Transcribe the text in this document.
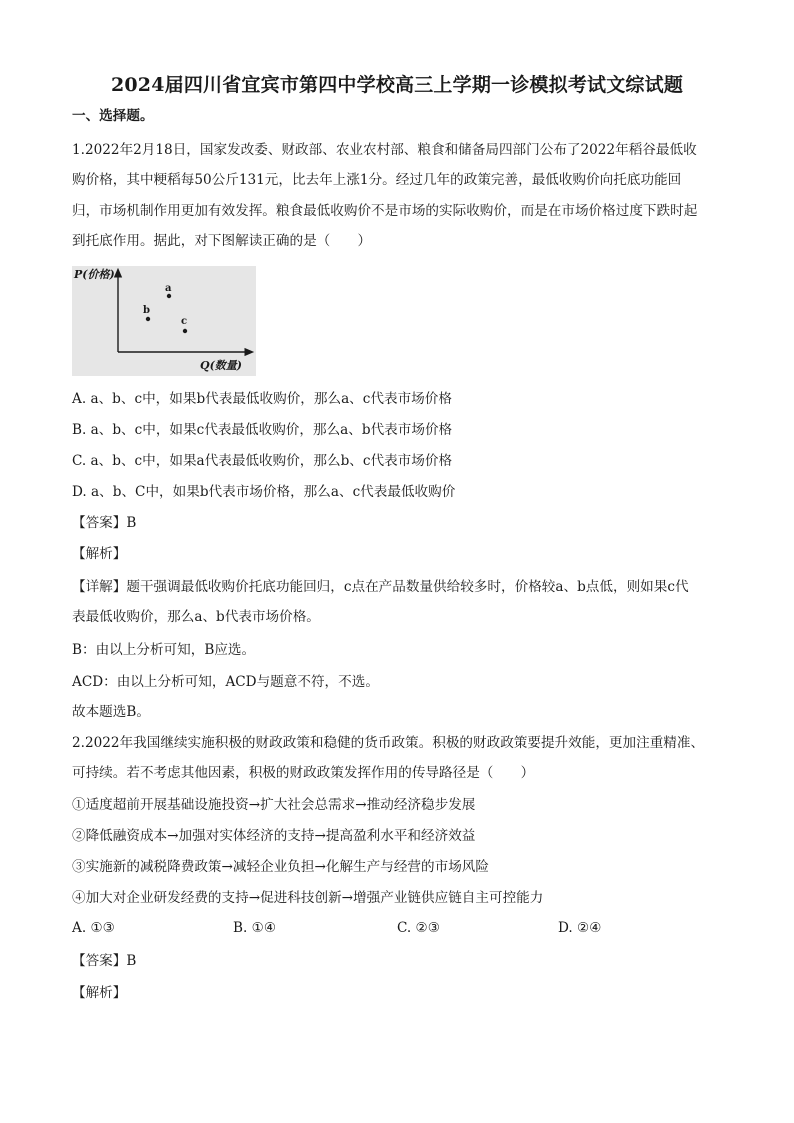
2024届四川省宜宾市第四中学校高三上学期一诊模拟考试文综试题
一、选择题。
1.2022年2月18日，国家发改委、财政部、农业农村部、粮食和储备局四部门公布了2022年稻谷最低收
购价格，其中粳稻每50公斤131元，比去年上涨1分。经过几年的政策完善，最低收购价向托底功能回
归，市场机制作用更加有效发挥。粮食最低收购价不是市场的实际收购价，而是在市场价格过度下跌时起
到托底作用。据此，对下图解读正确的是（　　）
P(价格)
Q(数量)
a
b
c
A. a、b、c中，如果b代表最低收购价，那么a、c代表市场价格
B. a、b、c中，如果c代表最低收购价，那么a、b代表市场价格
C. a、b、c中，如果a代表最低收购价，那么b、c代表市场价格
D. a、b、C中，如果b代表市场价格，那么a、c代表最低收购价
【答案】B
【解析】
【详解】题干强调最低收购价托底功能回归，c点在产品数量供给较多时，价格较a、b点低，则如果c代
表最低收购价，那么a、b代表市场价格。
B：由以上分析可知，B应选。
ACD：由以上分析可知，ACD与题意不符，不选。
故本题选B。
2.2022年我国继续实施积极的财政政策和稳健的货币政策。积极的财政政策要提升效能，更加注重精准、
可持续。若不考虑其他因素，积极的财政政策发挥作用的传导路径是（　　）
①适度超前开展基础设施投资→扩大社会总需求→推动经济稳步发展
②降低融资成本→加强对实体经济的支持→提高盈利水平和经济效益
③实施新的减税降费政策→减轻企业负担→化解生产与经营的市场风险
④加大对企业研发经费的支持→促进科技创新→增强产业链供应链自主可控能力
A. ①③	B. ①④	C. ②③	D. ②④
【答案】B
【解析】
